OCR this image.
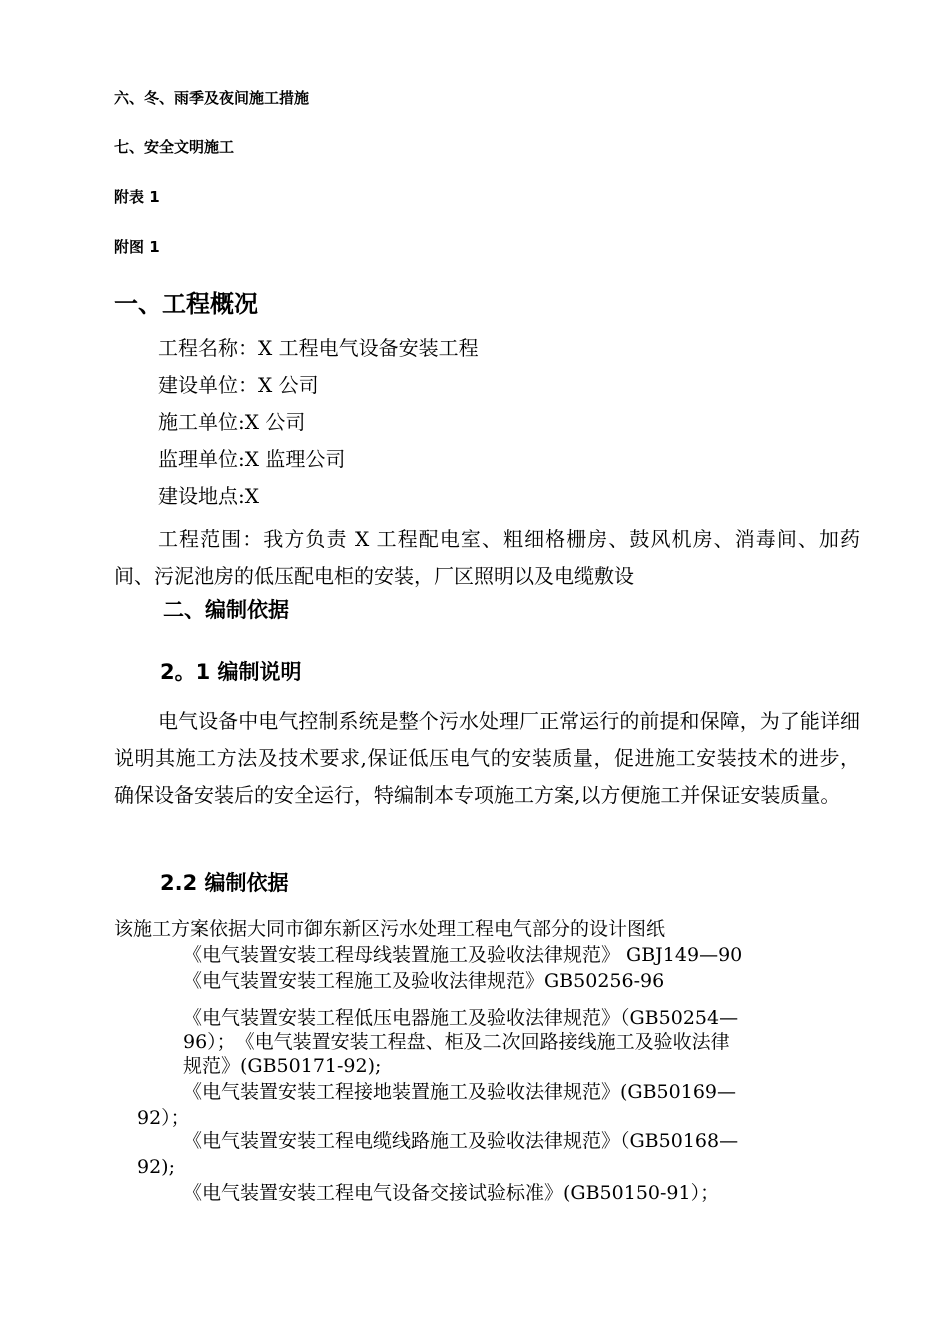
六、冬、雨季及夜间施工措施
七、安全文明施工
附表 1
附图 1
一、工程概况
工程名称：X 工程电气设备安装工程
建设单位：X 公司
施工单位:X 公司
监理单位:X 监理公司
建设地点:X
工程范围：我方负责 X 工程配电室、粗细格栅房、鼓风机房、消毒间、加药间、污泥池房的低压配电柜的安装，厂区照明以及电缆敷设
二、编制依据
2。1 编制说明
电气设备中电气控制系统是整个污水处理厂正常运行的前提和保障，为了能详细说明其施工方法及技术要求,保证低压电气的安装质量，促进施工安装技术的进步，确保设备安装后的安全运行，特编制本专项施工方案,以方便施工并保证安装质量。
2.2 编制依据
该施工方案依据大同市御东新区污水处理工程电气部分的设计图纸
《电气装置安装工程母线装置施工及验收法律规范》 GBJ149—90
《电气装置安装工程施工及验收法律规范》GB50256-96
《电气装置安装工程低压电器施工及验收法律规范》（GB50254—
96）；　《电气装置安装工程盘、柜及二次回路接线施工及验收法律
规范》(GB50171-92);
《电气装置安装工程接地装置施工及验收法律规范》(GB50169—
92）；
《电气装置安装工程电缆线路施工及验收法律规范》（GB50168—
92);
《电气装置安装工程电气设备交接试验标准》(GB50150-91）；
